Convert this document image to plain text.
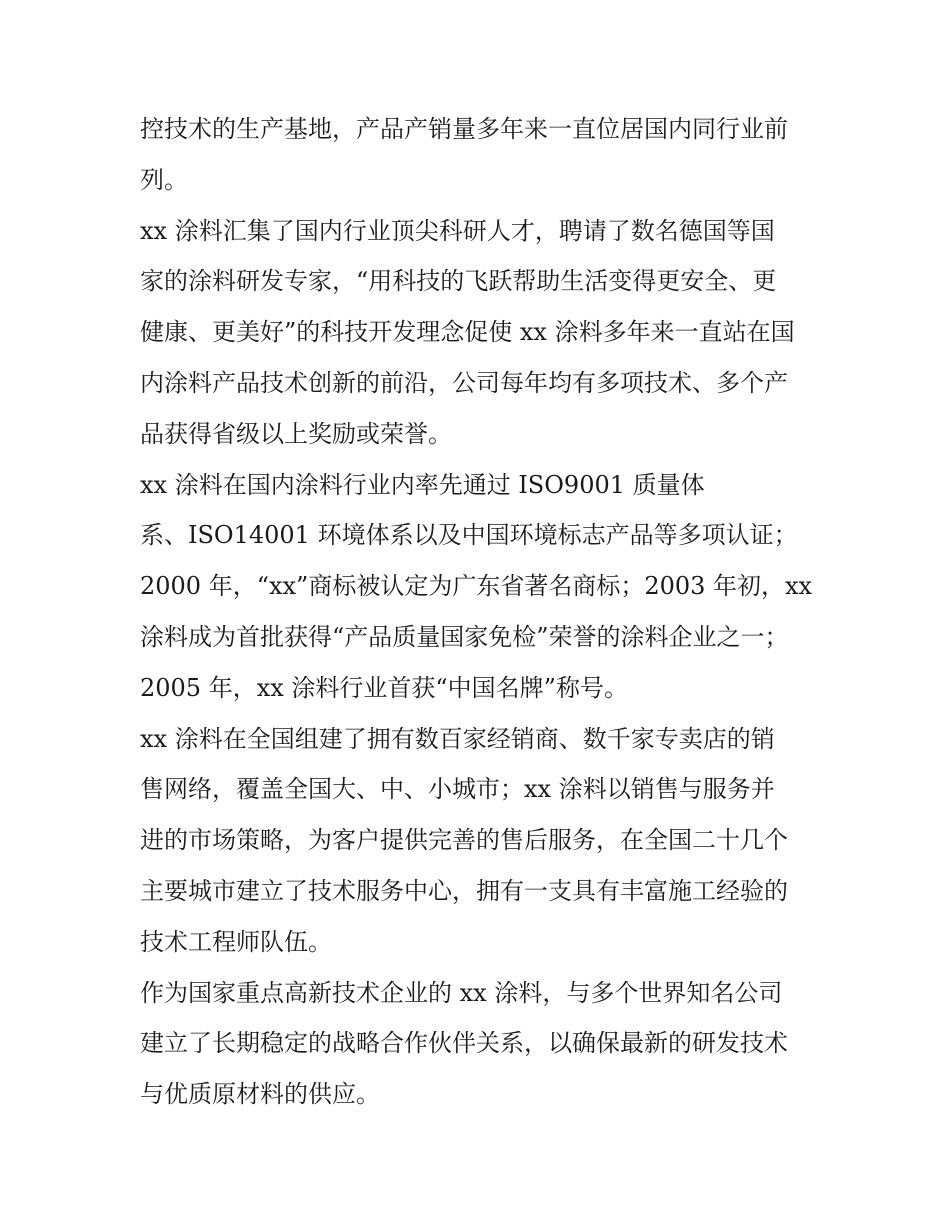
控技术的生产基地，产品产销量多年来一直位居国内同行业前
列。
xx 涂料汇集了国内行业顶尖科研人才，聘请了数名德国等国
家的涂料研发专家，“用科技的飞跃帮助生活变得更安全、更
健康、更美好”的科技开发理念促使 xx 涂料多年来一直站在国
内涂料产品技术创新的前沿，公司每年均有多项技术、多个产
品获得省级以上奖励或荣誉。
xx 涂料在国内涂料行业内率先通过 ISO9001 质量体
系、ISO14001 环境体系以及中国环境标志产品等多项认证；
2000 年，“xx”商标被认定为广东省著名商标；2003 年初，xx
涂料成为首批获得“产品质量国家免检”荣誉的涂料企业之一；
2005 年，xx 涂料行业首获“中国名牌”称号。
xx 涂料在全国组建了拥有数百家经销商、数千家专卖店的销
售网络，覆盖全国大、中、小城市；xx 涂料以销售与服务并
进的市场策略，为客户提供完善的售后服务，在全国二十几个
主要城市建立了技术服务中心，拥有一支具有丰富施工经验的
技术工程师队伍。
作为国家重点高新技术企业的 xx 涂料，与多个世界知名公司
建立了长期稳定的战略合作伙伴关系，以确保最新的研发技术
与优质原材料的供应。
